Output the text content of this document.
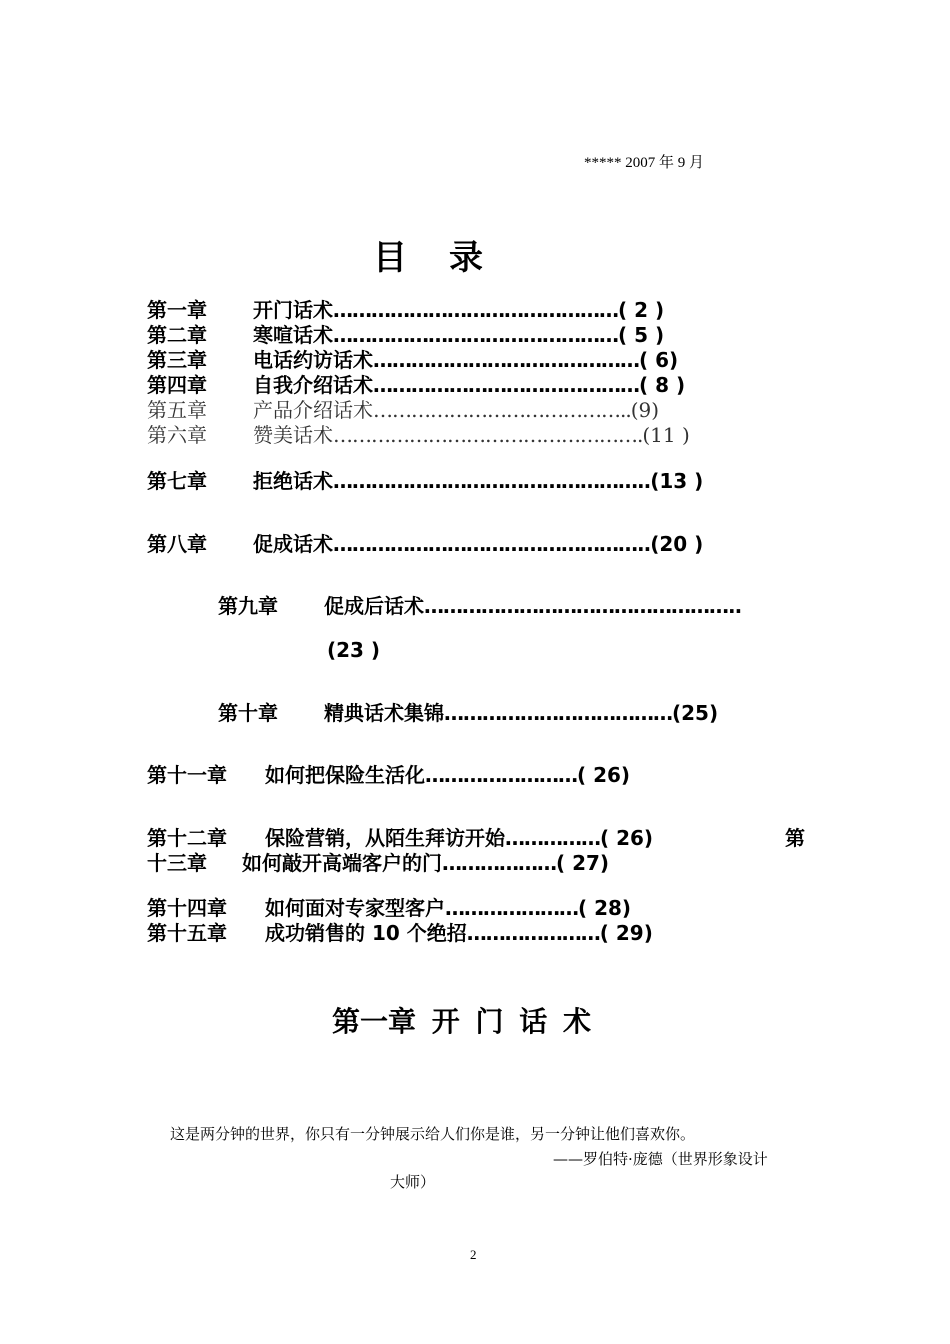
***** 2007 年 9 月
目录
第一章 开门话术………………………………………( 2 )
第二章 寒喧话术………………………………………( 5 )
第三章 电话约访话术……………………………………( 6)
第四章 自我介绍话术……………………………………( 8 )
第五章 产品介绍话术…………………………………..(9)
第六章 赞美话术………………………………………….(11 )
第七章 拒绝话术…………………………………………..(13 )
第八章 促成话术…………………………………………..(20 )
第九章 促成后话术…………………………………………..
(23 )
第十章 精典话术集锦………………………………(25)
第十一章 如何把保险生活化……………………( 26)
第十二章 保险营销，从陌生拜访开始……………( 26)	第
十三章 如何敲开高端客户的门………………( 27)
第十四章 如何面对专家型客户…………………( 28)
第十五章 成功销售的 10 个绝招…………………( 29)
第一章 开 门 话 术
这是两分钟的世界，你只有一分钟展示给人们你是谁，另一分钟让他们喜欢你。
——罗伯特·庞德（世界形象设计
大师）
2
